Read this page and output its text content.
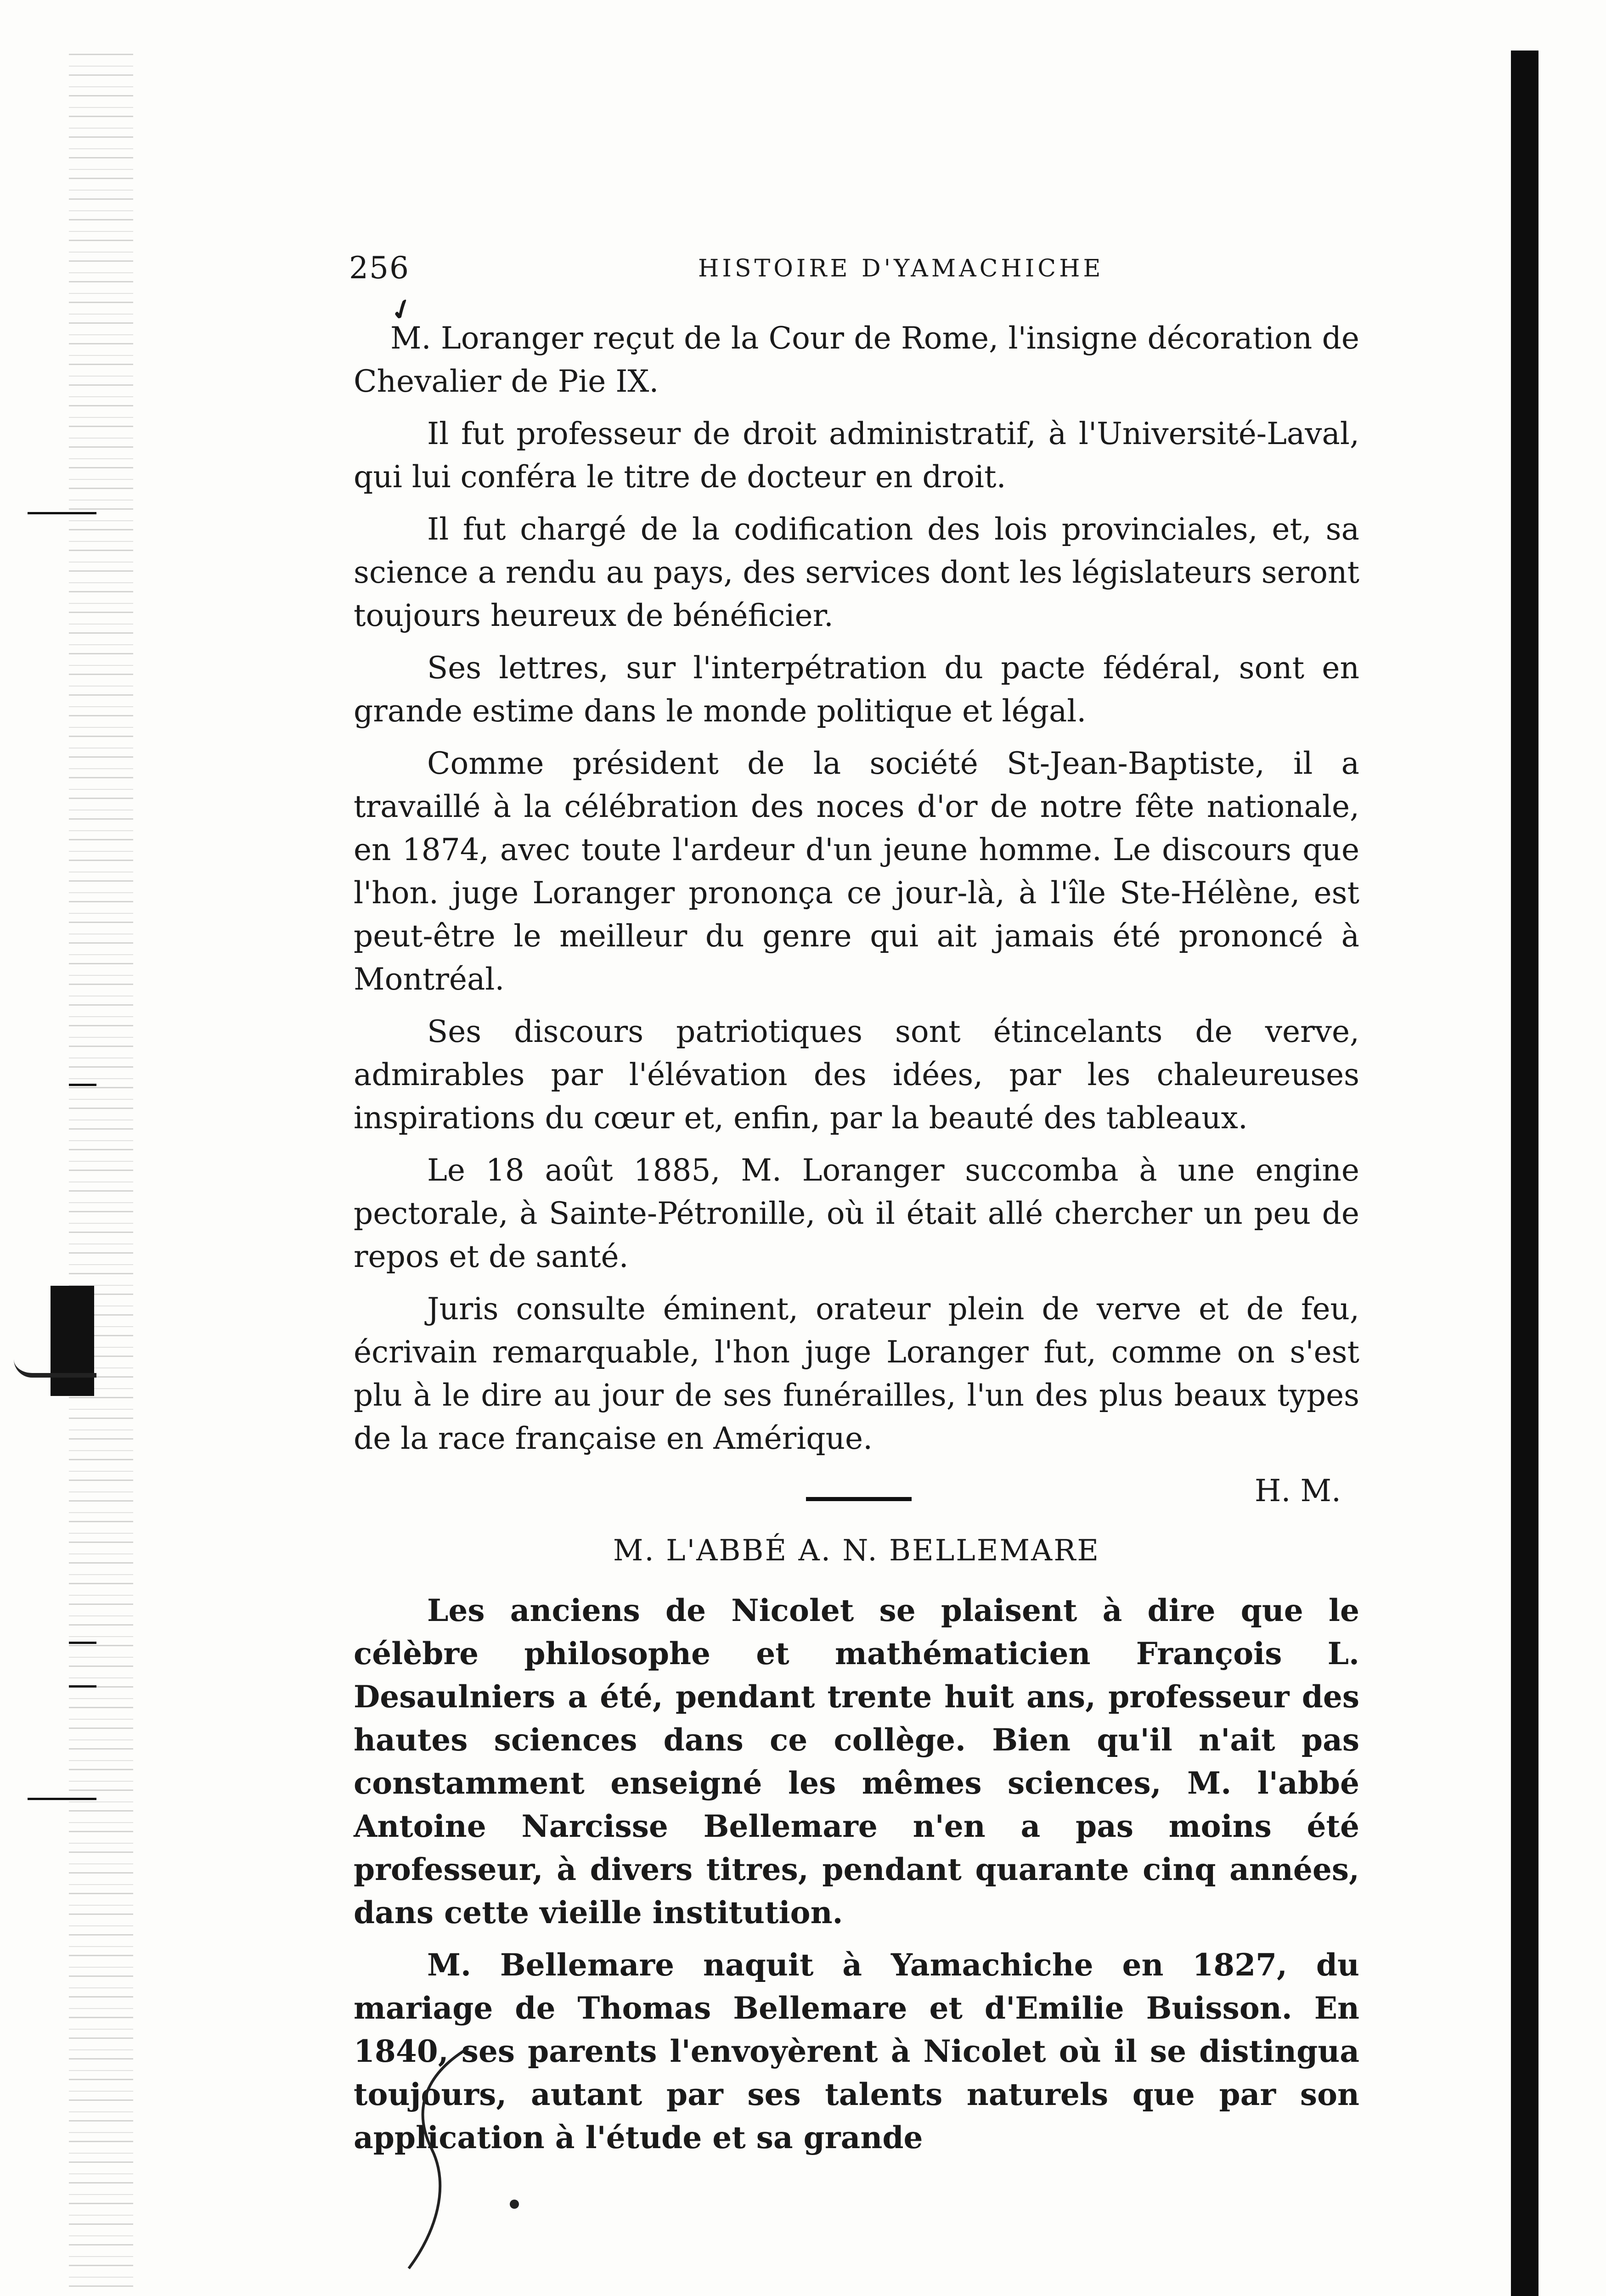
256	HISTOIRE D'YAMACHICHE
✓

M. Loranger reçut de la Cour de Rome, l'insigne décoration de Chevalier de Pie IX.

Il fut professeur de droit administratif, à l'Université-Laval, qui lui conféra le titre de docteur en droit.

Il fut chargé de la codification des lois provinciales, et, sa science a rendu au pays, des services dont les législateurs seront toujours heureux de bénéficier.

Ses lettres, sur l'interpétration du pacte fédéral, sont en grande estime dans le monde politique et légal.

Comme président de la société St-Jean-Baptiste, il a travaillé à la célébration des noces d'or de notre fête nationale, en 1874, avec toute l'ardeur d'un jeune homme. Le discours que l'hon. juge Loranger prononça ce jour-là, à l'île Ste-Hélène, est peut-être le meilleur du genre qui ait jamais été prononcé à Montréal.

Ses discours patriotiques sont étincelants de verve, admirables par l'élévation des idées, par les chaleureuses inspirations du cœur et, enfin, par la beauté des tableaux.

Le 18 août 1885, M. Loranger succomba à une engine pectorale, à Sainte-Pétronille, où il était allé chercher un peu de repos et de santé.

Juris consulte éminent, orateur plein de verve et de feu, écrivain remarquable, l'hon juge Loranger fut, comme on s'est plu à le dire au jour de ses funérailles, l'un des plus beaux types de la race française en Amérique.

H. M.

M. L'ABBÉ A. N. BELLEMARE

Les anciens de Nicolet se plaisent à dire que le célèbre philosophe et mathématicien François L. Desaulniers a été, pendant trente huit ans, professeur des hautes sciences dans ce collège. Bien qu'il n'ait pas constamment enseigné les mêmes sciences, M. l'abbé Antoine Narcisse Bellemare n'en a pas moins été professeur, à divers titres, pendant quarante cinq années, dans cette vieille institution.

M. Bellemare naquit à Yamachiche en 1827, du mariage de Thomas Bellemare et d'Emilie Buisson. En 1840, ses parents l'envoyèrent à Nicolet où il se distingua toujours, autant par ses talents naturels que par son application à l'étude et sa grande
